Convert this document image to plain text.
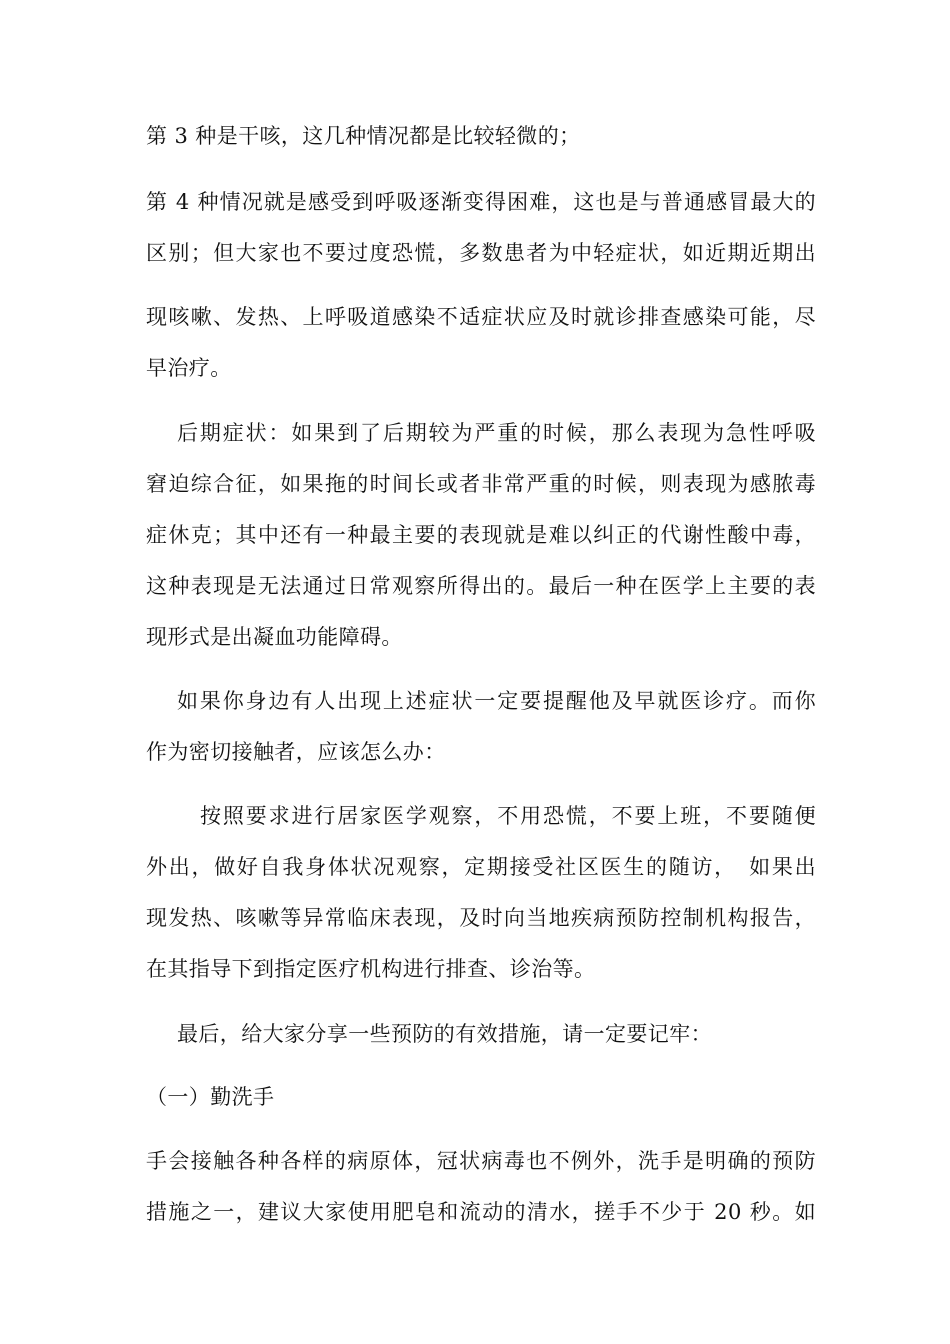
第 3 种是干咳，这几种情况都是比较轻微的；
第 4 种情况就是感受到呼吸逐渐变得困难，这也是与普通感冒最大的
区别；但大家也不要过度恐慌，多数患者为中轻症状，如近期近期出
现咳嗽、发热、上呼吸道感染不适症状应及时就诊排查感染可能，尽
早治疗。
后期症状：如果到了后期较为严重的时候，那么表现为急性呼吸
窘迫综合征，如果拖的时间长或者非常严重的时候，则表现为感脓毒
症休克；其中还有一种最主要的表现就是难以纠正的代谢性酸中毒，
这种表现是无法通过日常观察所得出的。最后一种在医学上主要的表
现形式是出凝血功能障碍。
如果你身边有人出现上述症状一定要提醒他及早就医诊疗。而你
作为密切接触者，应该怎么办：
按照要求进行居家医学观察，不用恐慌，不要上班，不要随便
外出，做好自我身体状况观察，定期接受社区医生的随访，　如果出
现发热、咳嗽等异常临床表现，及时向当地疾病预防控制机构报告，
在其指导下到指定医疗机构进行排查、诊治等。
最后，给大家分享一些预防的有效措施，请一定要记牢：
（一）勤洗手
手会接触各种各样的病原体，冠状病毒也不例外，洗手是明确的预防
措施之一，建议大家使用肥皂和流动的清水，搓手不少于 20 秒。如
